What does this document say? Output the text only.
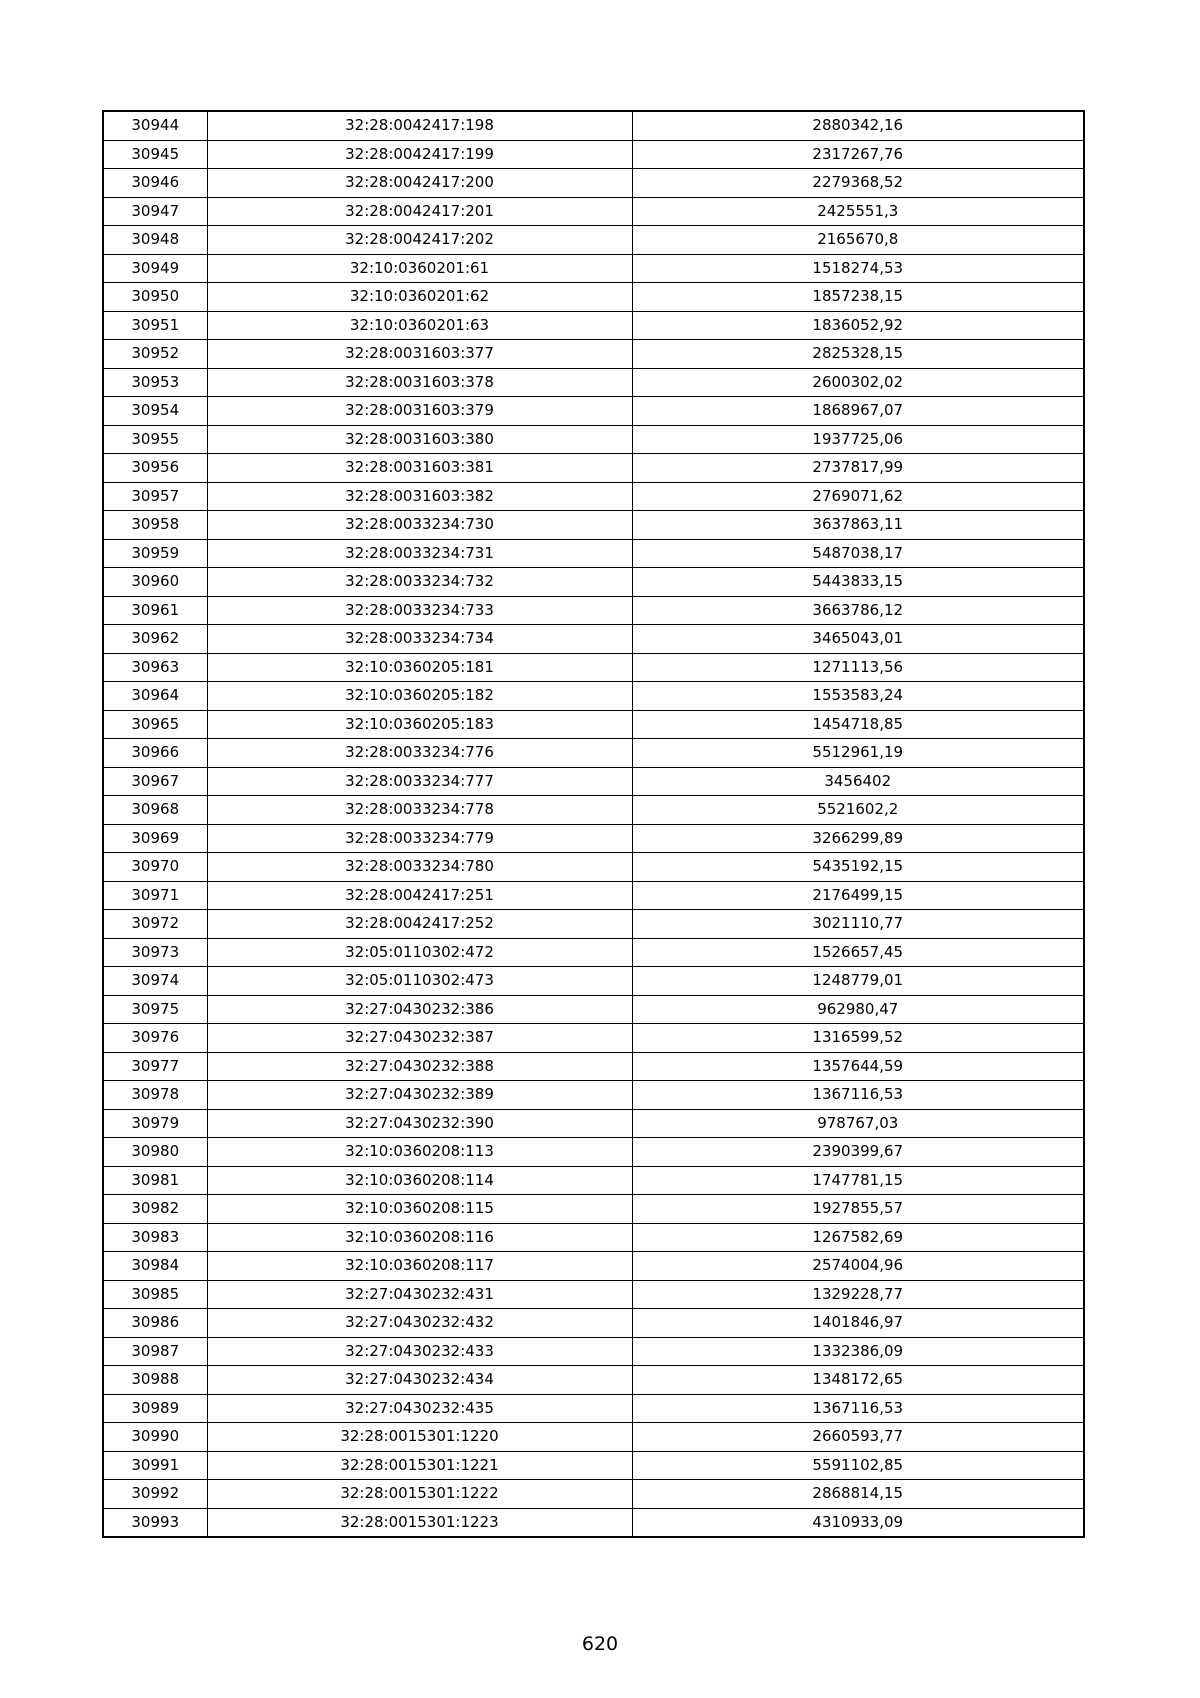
30944	32:28:0042417:198	2880342,16
30945	32:28:0042417:199	2317267,76
30946	32:28:0042417:200	2279368,52
30947	32:28:0042417:201	2425551,3
30948	32:28:0042417:202	2165670,8
30949	32:10:0360201:61	1518274,53
30950	32:10:0360201:62	1857238,15
30951	32:10:0360201:63	1836052,92
30952	32:28:0031603:377	2825328,15
30953	32:28:0031603:378	2600302,02
30954	32:28:0031603:379	1868967,07
30955	32:28:0031603:380	1937725,06
30956	32:28:0031603:381	2737817,99
30957	32:28:0031603:382	2769071,62
30958	32:28:0033234:730	3637863,11
30959	32:28:0033234:731	5487038,17
30960	32:28:0033234:732	5443833,15
30961	32:28:0033234:733	3663786,12
30962	32:28:0033234:734	3465043,01
30963	32:10:0360205:181	1271113,56
30964	32:10:0360205:182	1553583,24
30965	32:10:0360205:183	1454718,85
30966	32:28:0033234:776	5512961,19
30967	32:28:0033234:777	3456402
30968	32:28:0033234:778	5521602,2
30969	32:28:0033234:779	3266299,89
30970	32:28:0033234:780	5435192,15
30971	32:28:0042417:251	2176499,15
30972	32:28:0042417:252	3021110,77
30973	32:05:0110302:472	1526657,45
30974	32:05:0110302:473	1248779,01
30975	32:27:0430232:386	962980,47
30976	32:27:0430232:387	1316599,52
30977	32:27:0430232:388	1357644,59
30978	32:27:0430232:389	1367116,53
30979	32:27:0430232:390	978767,03
30980	32:10:0360208:113	2390399,67
30981	32:10:0360208:114	1747781,15
30982	32:10:0360208:115	1927855,57
30983	32:10:0360208:116	1267582,69
30984	32:10:0360208:117	2574004,96
30985	32:27:0430232:431	1329228,77
30986	32:27:0430232:432	1401846,97
30987	32:27:0430232:433	1332386,09
30988	32:27:0430232:434	1348172,65
30989	32:27:0430232:435	1367116,53
30990	32:28:0015301:1220	2660593,77
30991	32:28:0015301:1221	5591102,85
30992	32:28:0015301:1222	2868814,15
30993	32:28:0015301:1223	4310933,09
620
